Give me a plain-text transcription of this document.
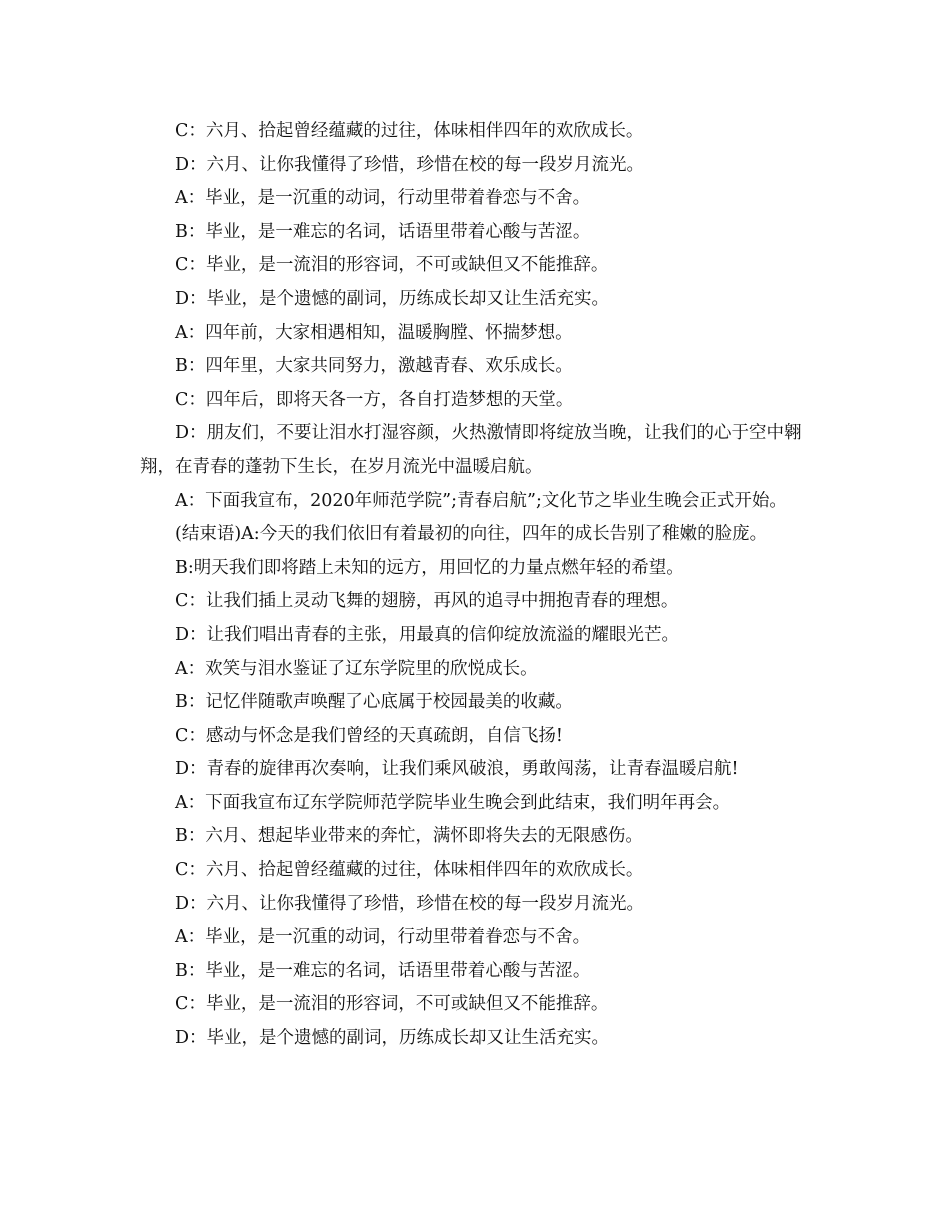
C：六月、拾起曾经蕴藏的过往，体味相伴四年的欢欣成长。

D：六月、让你我懂得了珍惜，珍惜在校的每一段岁月流光。

A：毕业，是一沉重的动词，行动里带着眷恋与不舍。

B：毕业，是一难忘的名词，话语里带着心酸与苦涩。

C：毕业，是一流泪的形容词，不可或缺但又不能推辞。

D：毕业，是个遗憾的副词，历练成长却又让生活充实。

A：四年前，大家相遇相知，温暖胸膛、怀揣梦想。

B：四年里，大家共同努力，激越青春、欢乐成长。

C：四年后，即将天各一方，各自打造梦想的天堂。

D：朋友们，不要让泪水打湿容颜，火热激情即将绽放当晚，让我们的心于空中翱翔，在青春的蓬勃下生长，在岁月流光中温暖启航。

A：下面我宣布，2020年师范学院”;青春启航”;文化节之毕业生晚会正式开始。

(结束语)A:今天的我们依旧有着最初的向往，四年的成长告别了稚嫩的脸庞。

B:明天我们即将踏上未知的远方，用回忆的力量点燃年轻的希望。

C：让我们插上灵动飞舞的翅膀，再风的追寻中拥抱青春的理想。

D：让我们唱出青春的主张，用最真的信仰绽放流溢的耀眼光芒。

A：欢笑与泪水鉴证了辽东学院里的欣悦成长。

B：记忆伴随歌声唤醒了心底属于校园最美的收藏。

C：感动与怀念是我们曾经的天真疏朗，自信飞扬!

D：青春的旋律再次奏响，让我们乘风破浪，勇敢闯荡，让青春温暖启航!

A：下面我宣布辽东学院师范学院毕业生晚会到此结束，我们明年再会。

B：六月、想起毕业带来的奔忙，满怀即将失去的无限感伤。

C：六月、拾起曾经蕴藏的过往，体味相伴四年的欢欣成长。

D：六月、让你我懂得了珍惜，珍惜在校的每一段岁月流光。

A：毕业，是一沉重的动词，行动里带着眷恋与不舍。

B：毕业，是一难忘的名词，话语里带着心酸与苦涩。

C：毕业，是一流泪的形容词，不可或缺但又不能推辞。

D：毕业，是个遗憾的副词，历练成长却又让生活充实。
